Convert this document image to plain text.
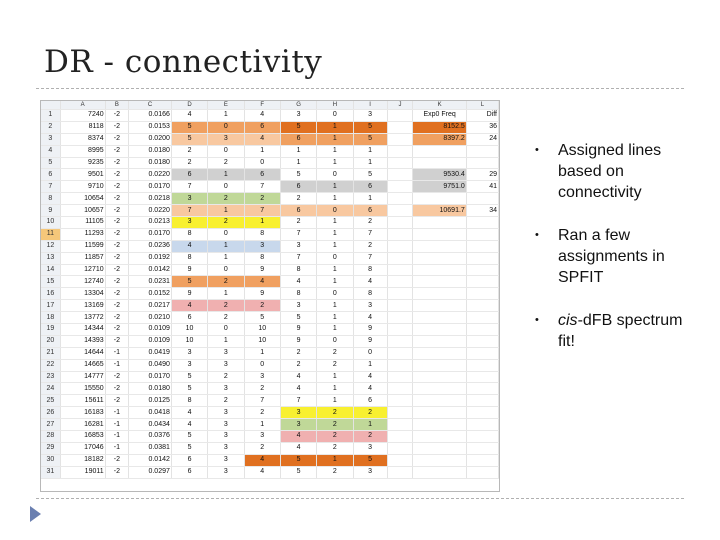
DR - connectivity
	A	B	C	D	E	F	G	H	I	J	K	L
1	7240	-2	0.0166	4	1	4	3	0	3		Exp0 Freq	Diff
2	8118	-2	0.0153	5	0	6	5	1	5		8152.5	36
3	8374	-2	0.0200	5	3	4	6	1	5		8397.2	24
4	8995	-2	0.0180	2	0	1	1	1	1			
5	9235	-2	0.0180	2	2	0	1	1	1			
6	9501	-2	0.0220	6	1	6	5	0	5		9530.4	29
7	9710	-2	0.0170	7	0	7	6	1	6		9751.0	41
8	10654	-2	0.0218	3	2	2	2	1	1			
9	10657	-2	0.0220	7	1	7	6	0	6		10691.7	34
10	11105	-2	0.0213	3	2	1	2	1	2			
11	11293	-2	0.0170	8	0	8	7	1	7			
12	11599	-2	0.0236	4	1	3	3	1	2			
13	11857	-2	0.0192	8	1	8	7	0	7			
14	12710	-2	0.0142	9	0	9	8	1	8			
15	12740	-2	0.0231	5	2	4	4	1	4			
16	13304	-2	0.0152	9	1	9	8	0	8			
17	13169	-2	0.0217	4	2	2	3	1	3			
18	13772	-2	0.0210	6	2	5	5	1	4			
19	14344	-2	0.0109	10	0	10	9	1	9			
20	14393	-2	0.0109	10	1	10	9	0	9			
21	14644	-1	0.0419	3	3	1	2	2	0			
22	14665	-1	0.0490	3	3	0	2	2	1			
23	14777	-2	0.0170	5	2	3	4	1	4			
24	15550	-2	0.0180	5	3	2	4	1	4			
25	15611	-2	0.0125	8	2	7	7	1	6			
26	16183	-1	0.0418	4	3	2	3	2	2			
27	16281	-1	0.0434	4	3	1	3	2	1			
28	16853	-1	0.0376	5	3	3	4	2	2			
29	17046	-1	0.0381	5	3	2	4	2	3			
30	18182	-2	0.0142	6	3	4	5	1	5			
31	19011	-2	0.0297	6	3	4	5	2	3			
• Assigned lines based on connectivity
• Ran a few assignments in SPFIT
• cis-dFB spectrum fit!
